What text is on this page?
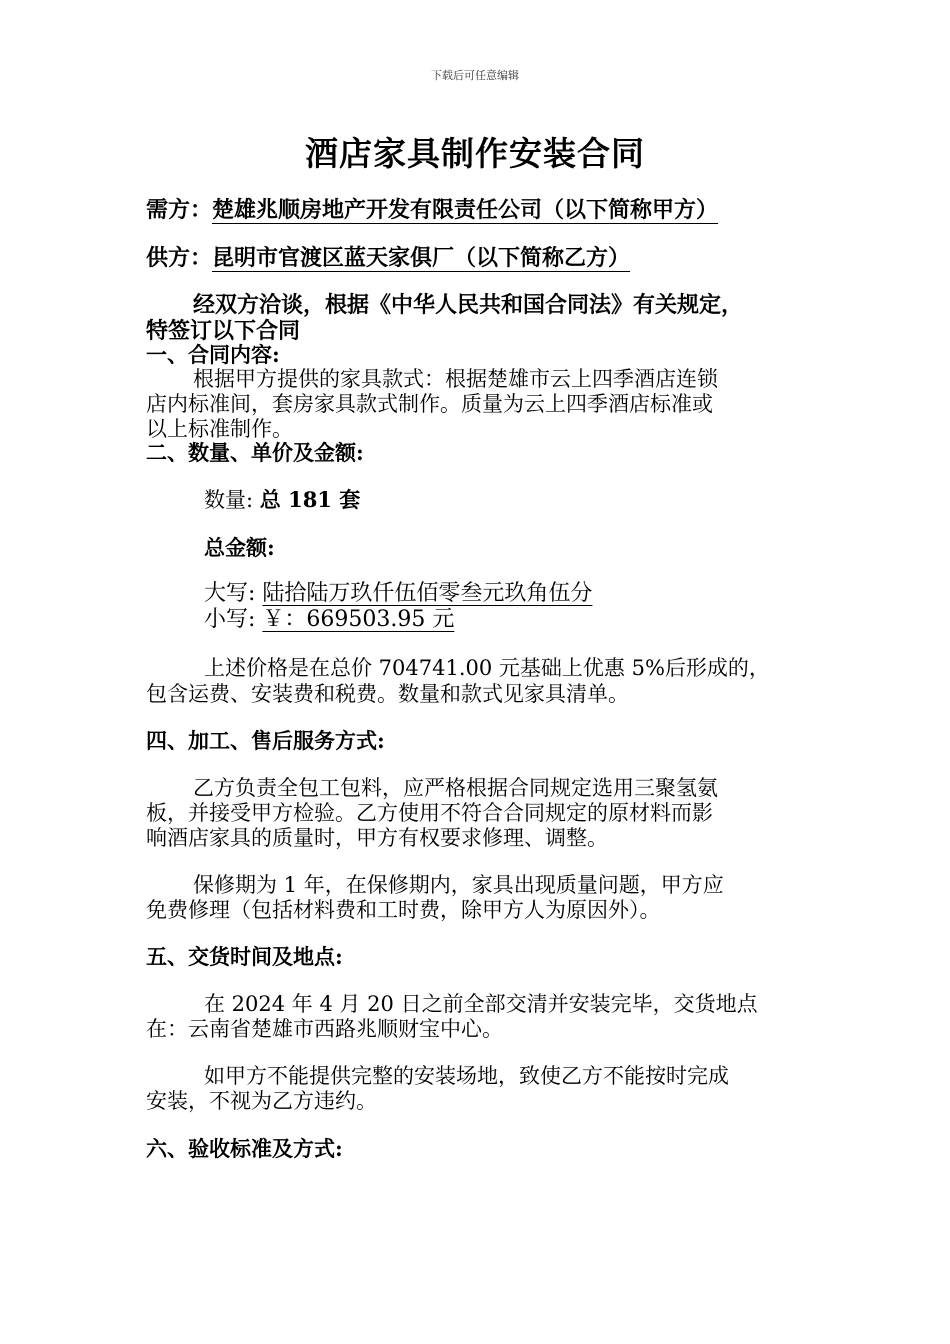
下载后可任意编辑
酒店家具制作安装合同
需方：楚雄兆顺房地产开发有限责任公司（以下简称甲方）
供方：昆明市官渡区蓝天家俱厂（以下简称乙方）
经双方洽谈，根据《中华人民共和国合同法》有关规定，
特签订以下合同
一、合同内容:
根据甲方提供的家具款式：根据楚雄市云上四季酒店连锁
店内标准间，套房家具款式制作。质量为云上四季酒店标准或
以上标准制作。
二、数量、单价及金额:
数量: 总 181 套
总金额:
大写: 陆拾陆万玖仟伍佰零叁元玖角伍分
小写: ￥：669503.95 元
上述价格是在总价 704741.00 元基础上优惠 5%后形成的，
包含运费、安装费和税费。数量和款式见家具清单。
四、加工、售后服务方式:
乙方负责全包工包料，应严格根据合同规定选用三聚氢氨
板，并接受甲方检验。乙方使用不符合合同规定的原材料而影
响酒店家具的质量时，甲方有权要求修理、调整。
保修期为 1 年，在保修期内，家具出现质量问题，甲方应
免费修理（包括材料费和工时费，除甲方人为原因外）。
五、交货时间及地点:
在 2024 年 4 月 20 日之前全部交清并安装完毕，交货地点
在：云南省楚雄市西路兆顺财宝中心。
如甲方不能提供完整的安装场地，致使乙方不能按时完成
安装，不视为乙方违约。
六、验收标准及方式:
